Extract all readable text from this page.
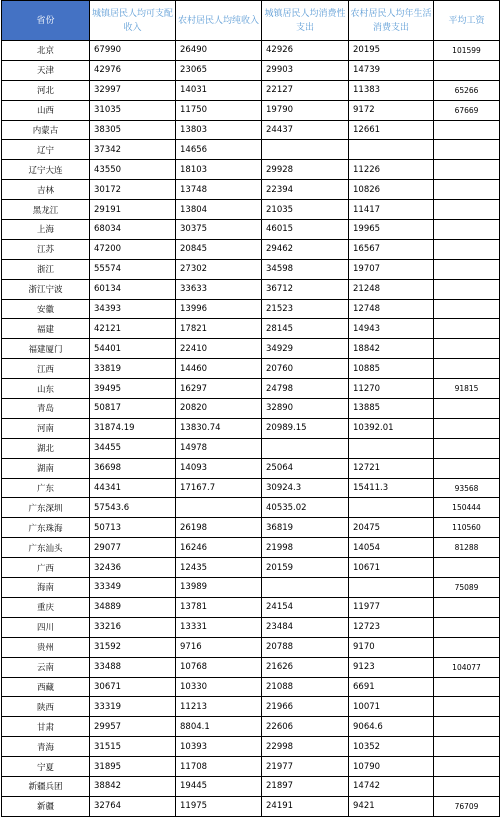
省份	城镇居民人均可支配收入	农村居民人均纯收入	城镇居民人均消费性支出	农村居民人均年生活消费支出	平均工资
北京	67990	26490	42926	20195	101599
天津	42976	23065	29903	14739	
河北	32997	14031	22127	11383	65266
山西	31035	11750	19790	9172	67669
内蒙古	38305	13803	24437	12661	
辽宁	37342	14656			
辽宁大连	43550	18103	29928	11226	
吉林	30172	13748	22394	10826	
黑龙江	29191	13804	21035	11417	
上海	68034	30375	46015	19965	
江苏	47200	20845	29462	16567	
浙江	55574	27302	34598	19707	
浙江宁波	60134	33633	36712	21248	
安徽	34393	13996	21523	12748	
福建	42121	17821	28145	14943	
福建厦门	54401	22410	34929	18842	
江西	33819	14460	20760	10885	
山东	39495	16297	24798	11270	91815
青岛	50817	20820	32890	13885	
河南	31874.19	13830.74	20989.15	10392.01	
湖北	34455	14978			
湖南	36698	14093	25064	12721	
广东	44341	17167.7	30924.3	15411.3	93568
广东深圳	57543.6		40535.02		150444
广东珠海	50713	26198	36819	20475	110560
广东汕头	29077	16246	21998	14054	81288
广西	32436	12435	20159	10671	
海南	33349	13989			75089
重庆	34889	13781	24154	11977	
四川	33216	13331	23484	12723	
贵州	31592	9716	20788	9170	
云南	33488	10768	21626	9123	104077
西藏	30671	10330	21088	6691	
陕西	33319	11213	21966	10071	
甘肃	29957	8804.1	22606	9064.6	
青海	31515	10393	22998	10352	
宁夏	31895	11708	21977	10790	
新疆兵团	38842	19445	21897	14742	
新疆	32764	11975	24191	9421	76709
